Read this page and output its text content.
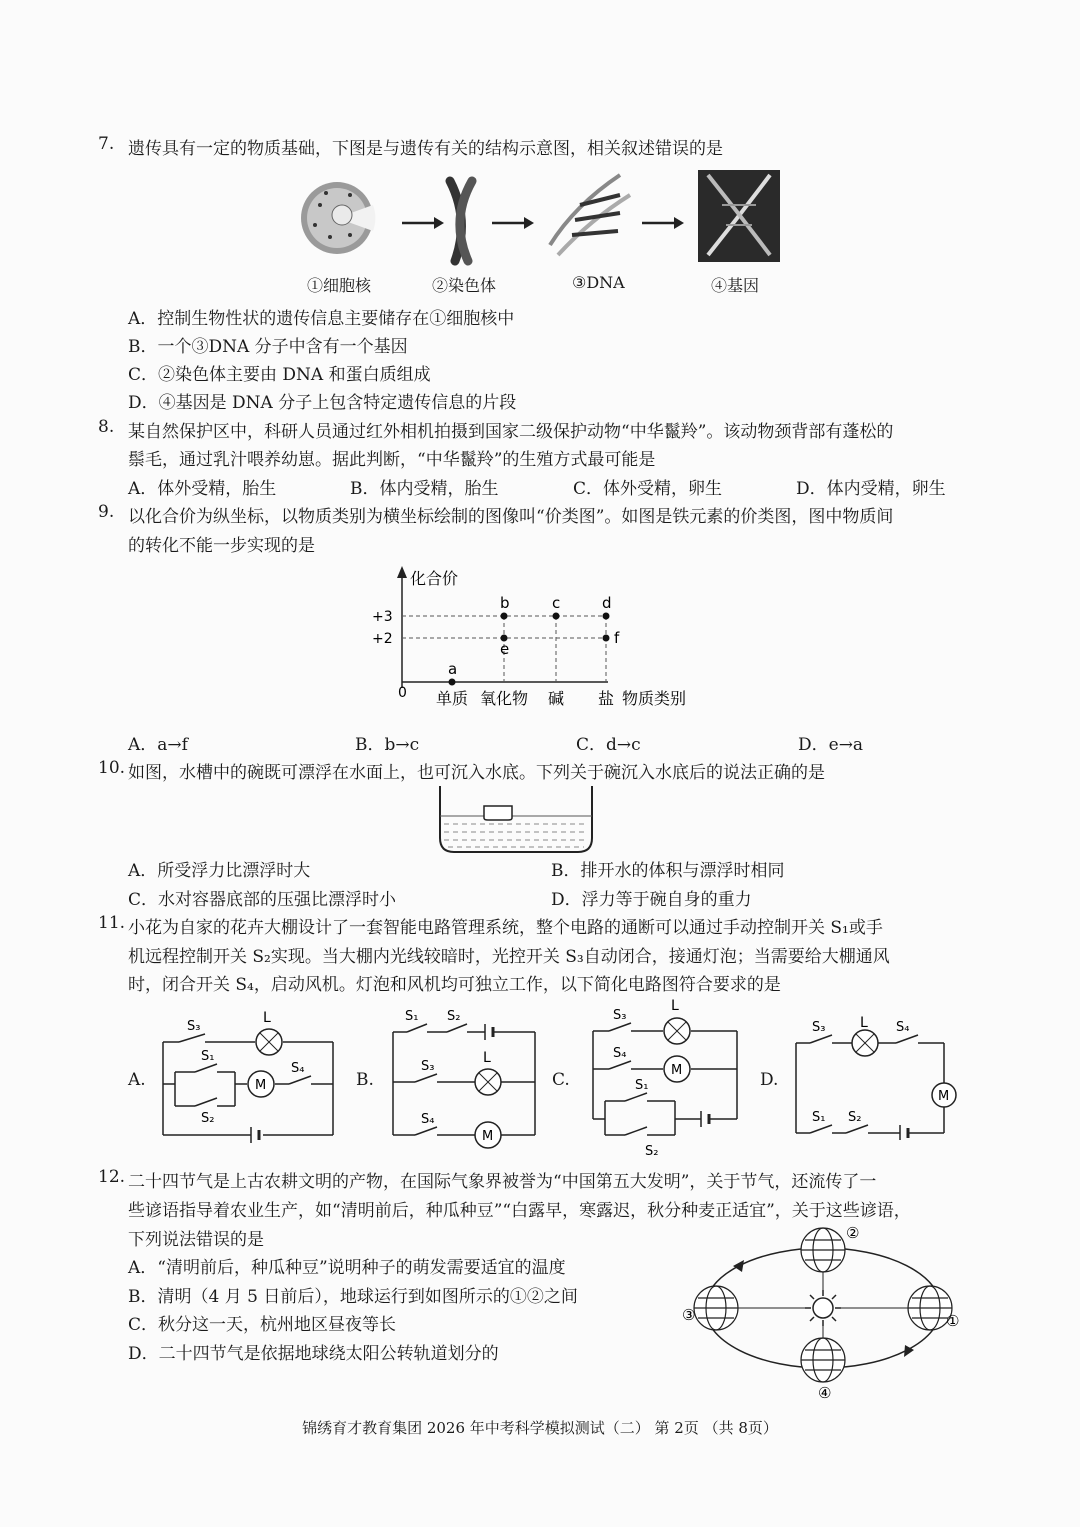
7. 遗传具有一定的物质基础，下图是与遗传有关的结构示意图，相关叙述错误的是
①细胞核	②染色体	③DNA	④基因
A．控制生物性状的遗传信息主要储存在①细胞核中
B．一个③DNA 分子中含有一个基因
C．②染色体主要由 DNA 和蛋白质组成
D．④基因是 DNA 分子上包含特定遗传信息的片段
8. 某自然保护区中，科研人员通过红外相机拍摄到国家二级保护动物“中华鬣羚”。该动物颈背部有蓬松的
鬃毛，通过乳汁喂养幼崽。据此判断，“中华鬣羚”的生殖方式最可能是
A．体外受精，胎生	B．体内受精，胎生	C．体外受精，卵生	D．体内受精，卵生
9. 以化合价为纵坐标，以物质类别为横坐标绘制的图像叫“价类图”。如图是铁元素的价类图，图中物质间
的转化不能一步实现的是
化合价
0 单质 氧化物 碱 盐 物质类别
+3
+2
a
b
e
c	d
f
A．a→f	B．b→c	C．d→c	D．e→a
10. 如图，水槽中的碗既可漂浮在水面上，也可沉入水底。下列关于碗沉入水底后的说法正确的是
A．所受浮力比漂浮时大	B．排开水的体积与漂浮时相同
C．水对容器底部的压强比漂浮时小	D．浮力等于碗自身的重力
11. 小花为自家的花卉大棚设计了一套智能电路管理系统，整个电路的通断可以通过手动控制开关 S₁或手
机远程控制开关 S₂实现。当大棚内光线较暗时，光控开关 S₃自动闭合，接通灯泡；当需要给大棚通风
时，闭合开关 S₄，启动风机。灯泡和风机均可独立工作，以下简化电路图符合要求的是
A.	B.	C.	D.
M
S₃
L
S₁
S₂
S₄
M
S₁ S₂
S₃
L
S₄
M
S₃
L
S₄
S₁
S₂
M
S₃ L S₄
S₁ S₂
12. 二十四节气是上古农耕文明的产物，在国际气象界被誉为“中国第五大发明”，关于节气，还流传了一
些谚语指导着农业生产，如“清明前后，种瓜种豆”“白露早，寒露迟，秋分种麦正适宜”，关于这些谚语，
下列说法错误的是
A．“清明前后，种瓜种豆”说明种子的萌发需要适宜的温度
B．清明（4 月 5 日前后），地球运行到如图所示的①②之间
C．秋分这一天，杭州地区昼夜等长
D．二十四节气是依据地球绕太阳公转轨道划分的
①
②
③
④
锦绣育才教育集团 2026 年中考科学模拟测试（二） 第 2页 （共 8页）
